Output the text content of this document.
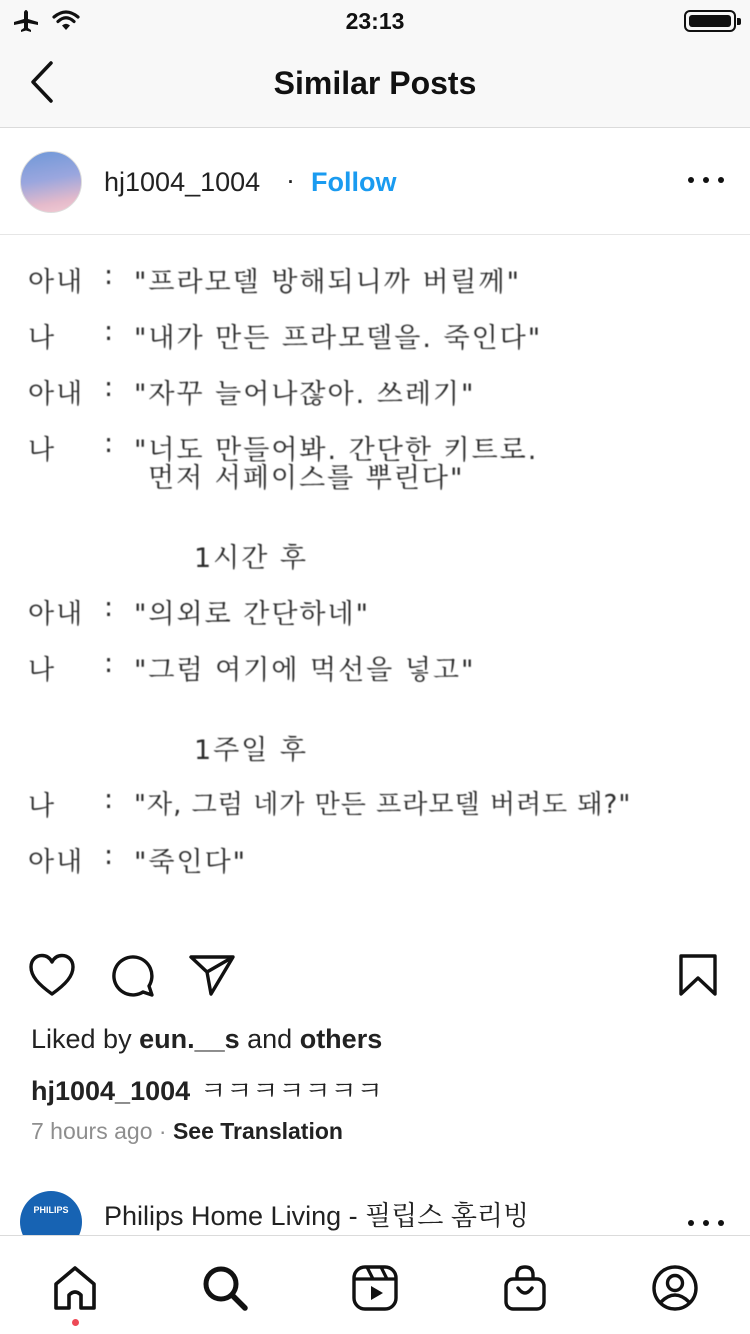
23:13
Similar Posts
hj1004_1004 · Follow
아내 : "프라모델 방해되니까 버릴께"
나 : "내가 만든 프라모델을. 죽인다"
아내 : "자꾸 늘어나잖아. 쓰레기"
나 : "너도 만들어봐. 간단한 키트로.
먼저 서페이스를 뿌린다"
1시간 후
아내 : "의외로 간단하네"
나 : "그럼 여기에 먹선을 넣고"
1주일 후
나 : "자, 그럼 네가 만든 프라모델 버려도 돼?"
아내 : "죽인다"
Liked by eun.__s and others
hj1004_1004 ㅋㅋㅋㅋㅋㅋㅋ
7 hours ago · See Translation
PHILIPS	Philips Home Living - 필립스 홈리빙
